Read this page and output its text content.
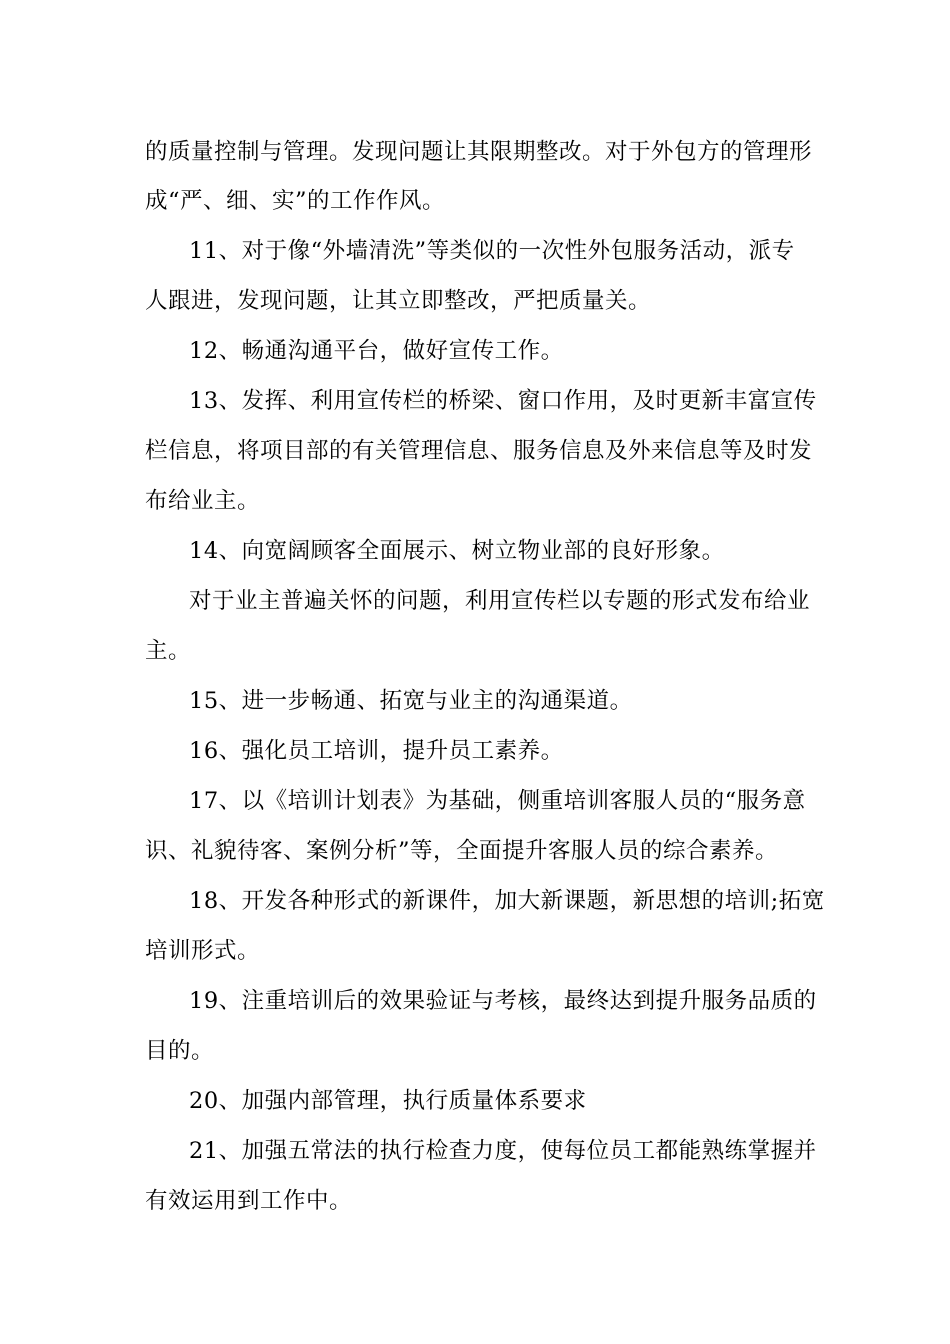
的质量控制与管理。发现问题让其限期整改。对于外包方的管理形
成“严、细、实”的工作作风。
11、对于像“外墙清洗”等类似的一次性外包服务活动，派专
人跟进，发现问题，让其立即整改，严把质量关。
12、畅通沟通平台，做好宣传工作。
13、发挥、利用宣传栏的桥梁、窗口作用，及时更新丰富宣传
栏信息，将项目部的有关管理信息、服务信息及外来信息等及时发
布给业主。
14、向宽阔顾客全面展示、树立物业部的良好形象。
对于业主普遍关怀的问题，利用宣传栏以专题的形式发布给业
主。
15、进一步畅通、拓宽与业主的沟通渠道。
16、强化员工培训，提升员工素养。
17、以《培训计划表》为基础，侧重培训客服人员的“服务意
识、礼貌待客、案例分析”等，全面提升客服人员的综合素养。
18、开发各种形式的新课件，加大新课题，新思想的培训;拓宽
培训形式。
19、注重培训后的效果验证与考核，最终达到提升服务品质的
目的。
20、加强内部管理，执行质量体系要求
21、加强五常法的执行检查力度，使每位员工都能熟练掌握并
有效运用到工作中。
